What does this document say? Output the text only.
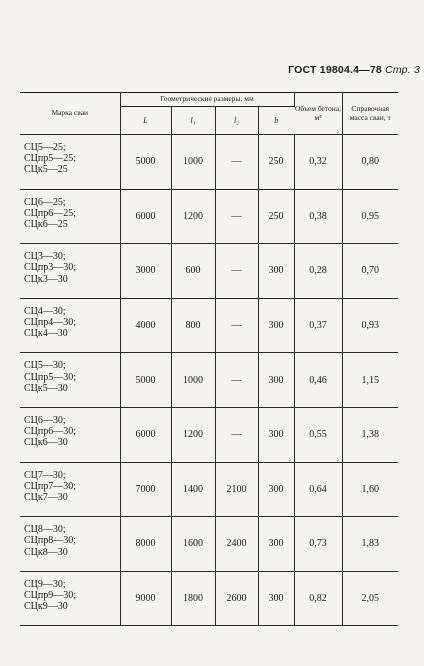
ГОСТ 19804.4—78 Стр. 3
Марка сваи	Геометрические размеры, мм				Объем бетона, м³	Справочная масса сваи, т
	L	l₁	l₂	b		

СЦ5—25;
СЦпр5—25;
СЦк5—25	5000	1000	—	250	0,32	0,80

СЦ6—25;
СЦпр6—25;
СЦк6—25	6000	1200	—	250	0,38	0,95

СЦ3—30;
СЦпр3—30;
СЦк3—30	3000	600	—	300	0,28	0,70

СЦ4—30;
СЦпр4—30;
СЦк4—30	4000	800	—	300	0,37	0,93

СЦ5—30;
СЦпр5—30;
СЦк5—30	5000	1000	—	300	0,46	1,15

СЦ6—30;
СЦпр6—30;
СЦк6—30	6000	1200	—	300	0,55	1,38

СЦ7—30;
СЦпр7—30;
СЦк7—30	7000	1400	2100	300	0,64	1,60

СЦ8—30;
СЦпр8—30;
СЦк8—30	8000	1600	2400	300	0,73	1,83

СЦ9—30;
СЦпр9—30;
СЦк9—30	9000	1800	2600	300	0,82	2,05
